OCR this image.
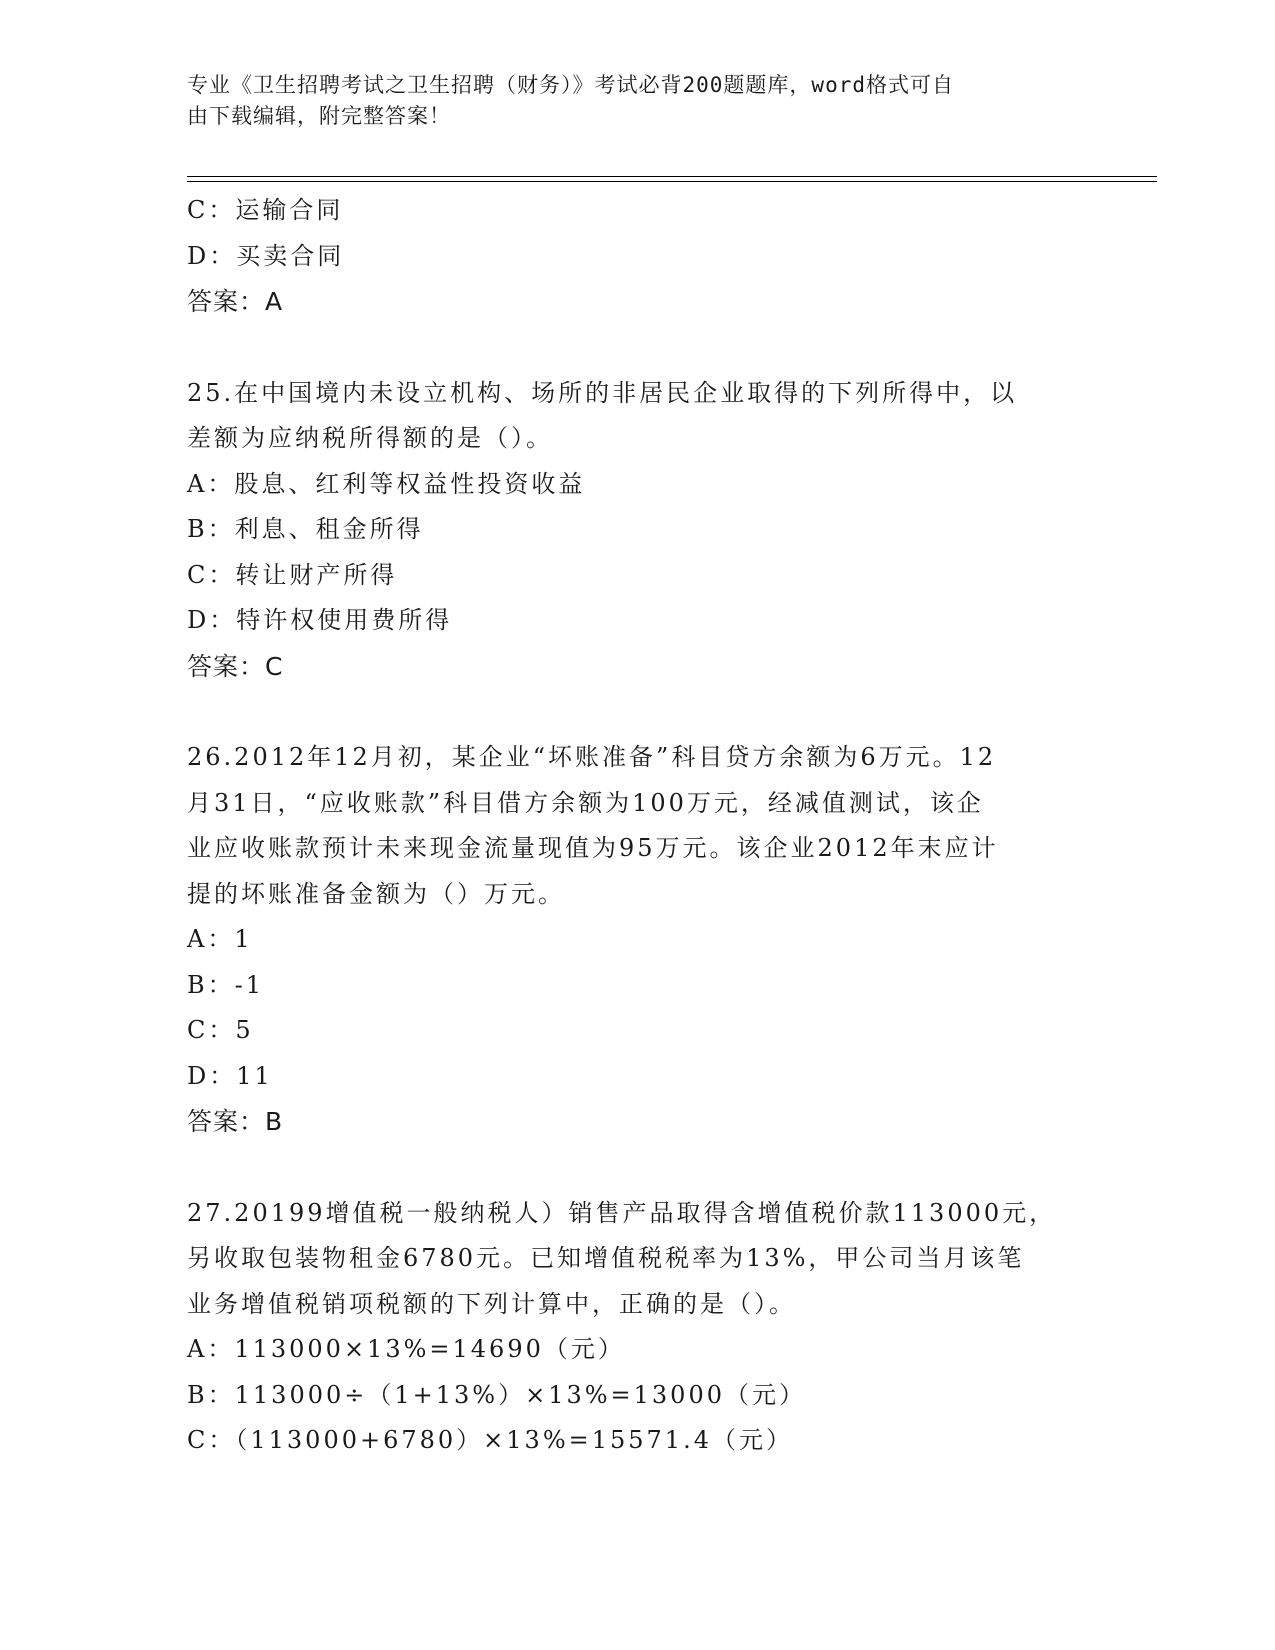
专业《卫生招聘考试之卫生招聘（财务）》考试必背200题题库，word格式可自
由下载编辑，附完整答案！
C：运输合同
D：买卖合同
答案：A
25.在中国境内未设立机构、场所的非居民企业取得的下列所得中，以
差额为应纳税所得额的是（）。
A：股息、红利等权益性投资收益
B：利息、租金所得
C：转让财产所得
D：特许权使用费所得
答案：C
26.2012年12月初，某企业“坏账准备”科目贷方余额为6万元。12
月31日，“应收账款”科目借方余额为100万元，经减值测试，该企
业应收账款预计未来现金流量现值为95万元。该企业2012年末应计
提的坏账准备金额为（）万元。
A：1
B：-1
C：5
D：11
答案：B
27.20199增值税一般纳税人）销售产品取得含增值税价款113000元，
另收取包装物租金6780元。已知增值税税率为13%，甲公司当月该笔
业务增值税销项税额的下列计算中，正确的是（）。
A：113000×13%=14690（元）
B：113000÷（1+13%）×13%=13000（元）
C：（113000+6780）×13%=15571.4（元）
